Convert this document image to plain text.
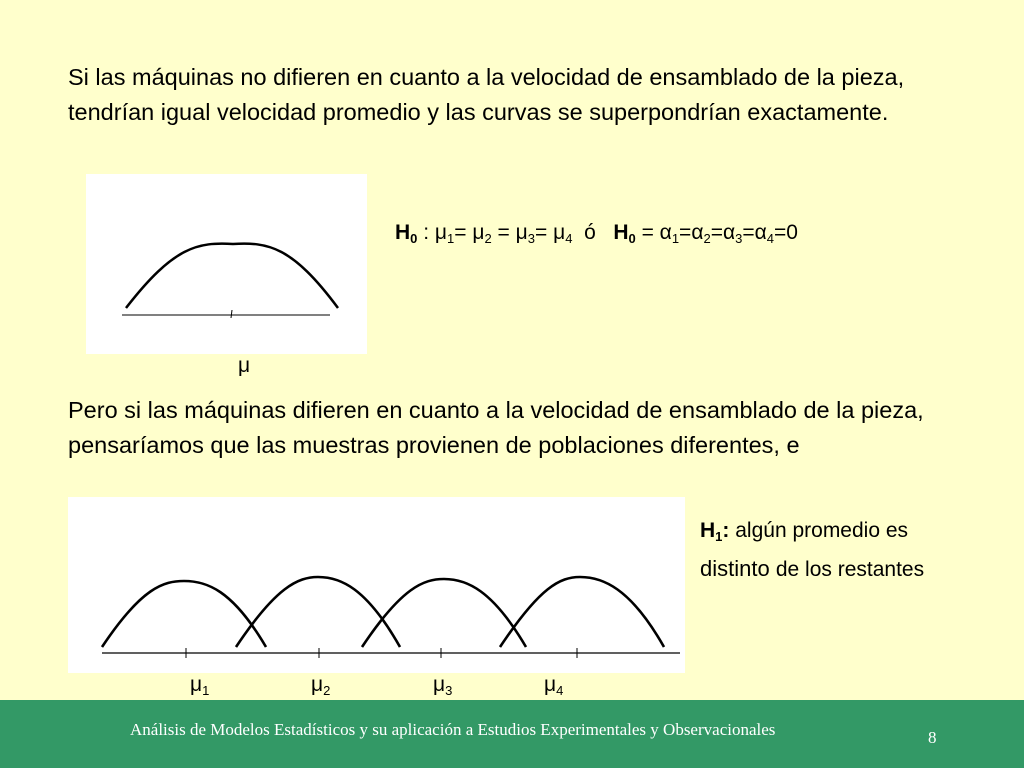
Si las máquinas no difieren en cuanto a la velocidad de ensamblado de la pieza, tendrían igual velocidad promedio y las curvas se superpondrían exactamente.

μ
$H_0$ : $\mu_1= \mu_2 = \mu_3= \mu_4$ ó $H_0 = \alpha_1=\alpha_2=\alpha_3=\alpha_4=0$

Pero si las máquinas difieren en cuanto a la velocidad de ensamblado de la pieza, pensaríamos que las muestras provienen de poblaciones diferentes, e

$\mu_1$	$\mu_2$	$\mu_3$	$\mu_4$
$H_1$: algún promedio es
distinto de los restantes
Análisis de Modelos Estadísticos y su aplicación a Estudios Experimentales y Observacionales	8
